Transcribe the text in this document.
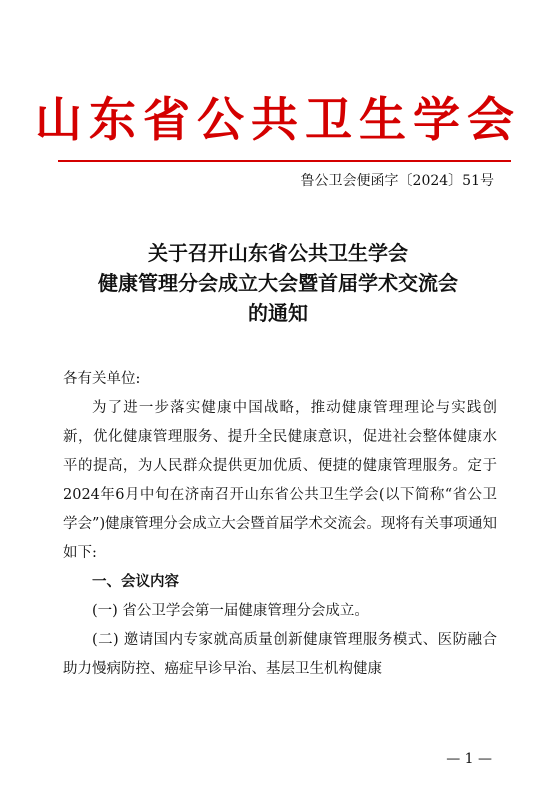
山东省公共卫生学会
鲁公卫会便函字〔2024〕51号
关于召开山东省公共卫生学会
健康管理分会成立大会暨首届学术交流会
的通知

各有关单位:

为了进一步落实健康中国战略，推动健康管理理论与实践创新，优化健康管理服务、提升全民健康意识，促进社会整体健康水平的提高，为人民群众提供更加优质、便捷的健康管理服务。定于2024年6月中旬在济南召开山东省公共卫生学会(以下简称“省公卫学会”)健康管理分会成立大会暨首届学术交流会。现将有关事项通知如下:

一、会议内容

(一) 省公卫学会第一届健康管理分会成立。

(二) 邀请国内专家就高质量创新健康管理服务模式、医防融合助力慢病防控、癌症早诊早治、基层卫生机构健康

— 1 —
